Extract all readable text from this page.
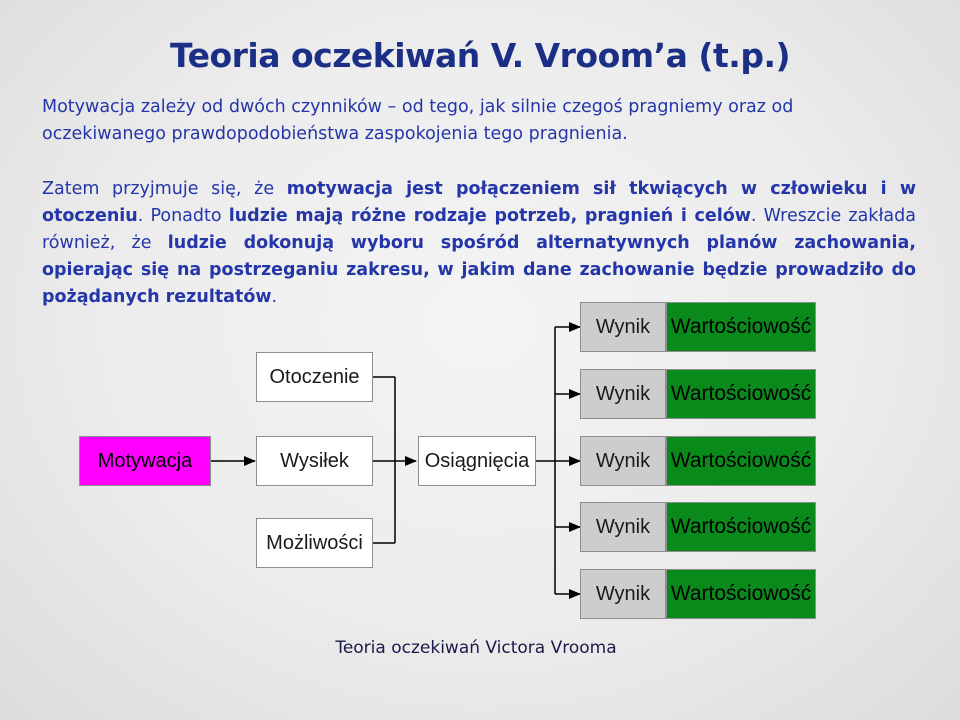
Teoria oczekiwań V. Vroom’a (t.p.)

Motywacja zależy od dwóch czynników – od tego, jak silnie czegoś pragniemy oraz od oczekiwanego prawdopodobieństwa zaspokojenia tego pragnienia.

Zatem przyjmuje się, że motywacja jest połączeniem sił tkwiących w człowieku i w otoczeniu. Ponadto ludzie mają różne rodzaje potrzeb, pragnień i celów. Wreszcie zakłada również, że ludzie dokonują wyboru spośród alternatywnych planów zachowania, opierając się na postrzeganiu zakresu, w jakim dane zachowanie będzie prowadziło do pożądanych rezultatów.

Motywacja
Otoczenie
Wysiłek
Możliwości
Osiągnięcia
Wynik Wartościowość
Wynik Wartościowość
Wynik Wartościowość
Wynik Wartościowość
Wynik Wartościowość

Teoria oczekiwań Victora Vrooma
